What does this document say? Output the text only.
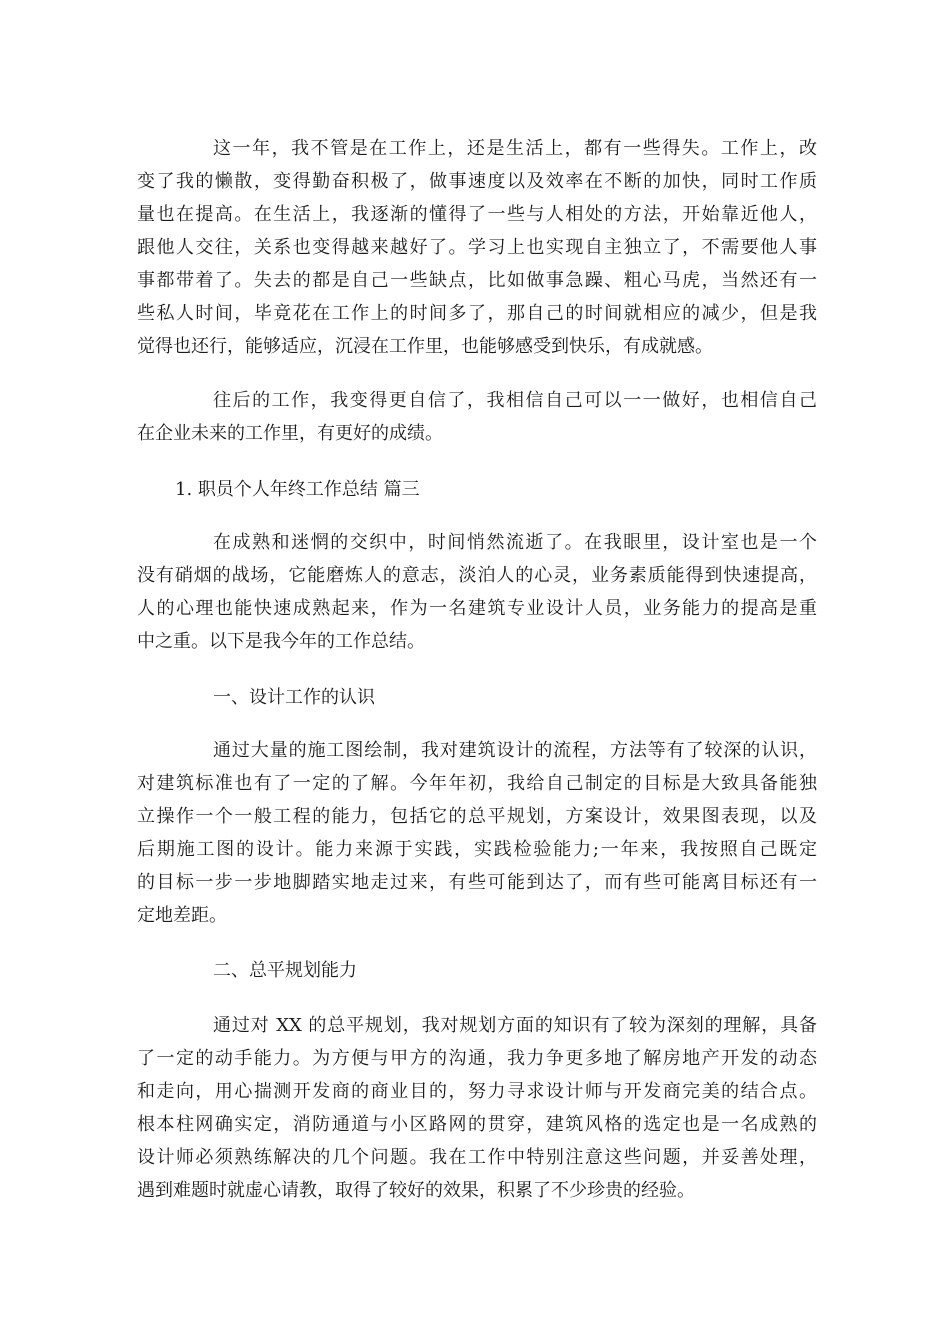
这一年，我不管是在工作上，还是生活上，都有一些得失。工作上，改
变了我的懒散，变得勤奋积极了，做事速度以及效率在不断的加快，同时工作质
量也在提高。在生活上，我逐渐的懂得了一些与人相处的方法，开始靠近他人，
跟他人交往，关系也变得越来越好了。学习上也实现自主独立了，不需要他人事
事都带着了。失去的都是自己一些缺点，比如做事急躁、粗心马虎，当然还有一
些私人时间，毕竟花在工作上的时间多了，那自己的时间就相应的减少，但是我
觉得也还行，能够适应，沉浸在工作里，也能够感受到快乐，有成就感。
往后的工作，我变得更自信了，我相信自己可以一一做好，也相信自己
在企业未来的工作里，有更好的成绩。
1. 职员个人年终工作总结 篇三
在成熟和迷惘的交织中，时间悄然流逝了。在我眼里，设计室也是一个
没有硝烟的战场，它能磨炼人的意志，淡泊人的心灵，业务素质能得到快速提高，
人的心理也能快速成熟起来，作为一名建筑专业设计人员，业务能力的提高是重
中之重。以下是我今年的工作总结。
一、设计工作的认识
通过大量的施工图绘制，我对建筑设计的流程，方法等有了较深的认识，
对建筑标准也有了一定的了解。今年年初，我给自己制定的目标是大致具备能独
立操作一个一般工程的能力，包括它的总平规划，方案设计，效果图表现，以及
后期施工图的设计。能力来源于实践，实践检验能力;一年来，我按照自己既定
的目标一步一步地脚踏实地走过来，有些可能到达了，而有些可能离目标还有一
定地差距。
二、总平规划能力
通过对 XX 的总平规划，我对规划方面的知识有了较为深刻的理解，具备
了一定的动手能力。为方便与甲方的沟通，我力争更多地了解房地产开发的动态
和走向，用心揣测开发商的商业目的，努力寻求设计师与开发商完美的结合点。
根本柱网确实定，消防通道与小区路网的贯穿，建筑风格的选定也是一名成熟的
设计师必须熟练解决的几个问题。我在工作中特别注意这些问题，并妥善处理，
遇到难题时就虚心请教，取得了较好的效果，积累了不少珍贵的经验。
